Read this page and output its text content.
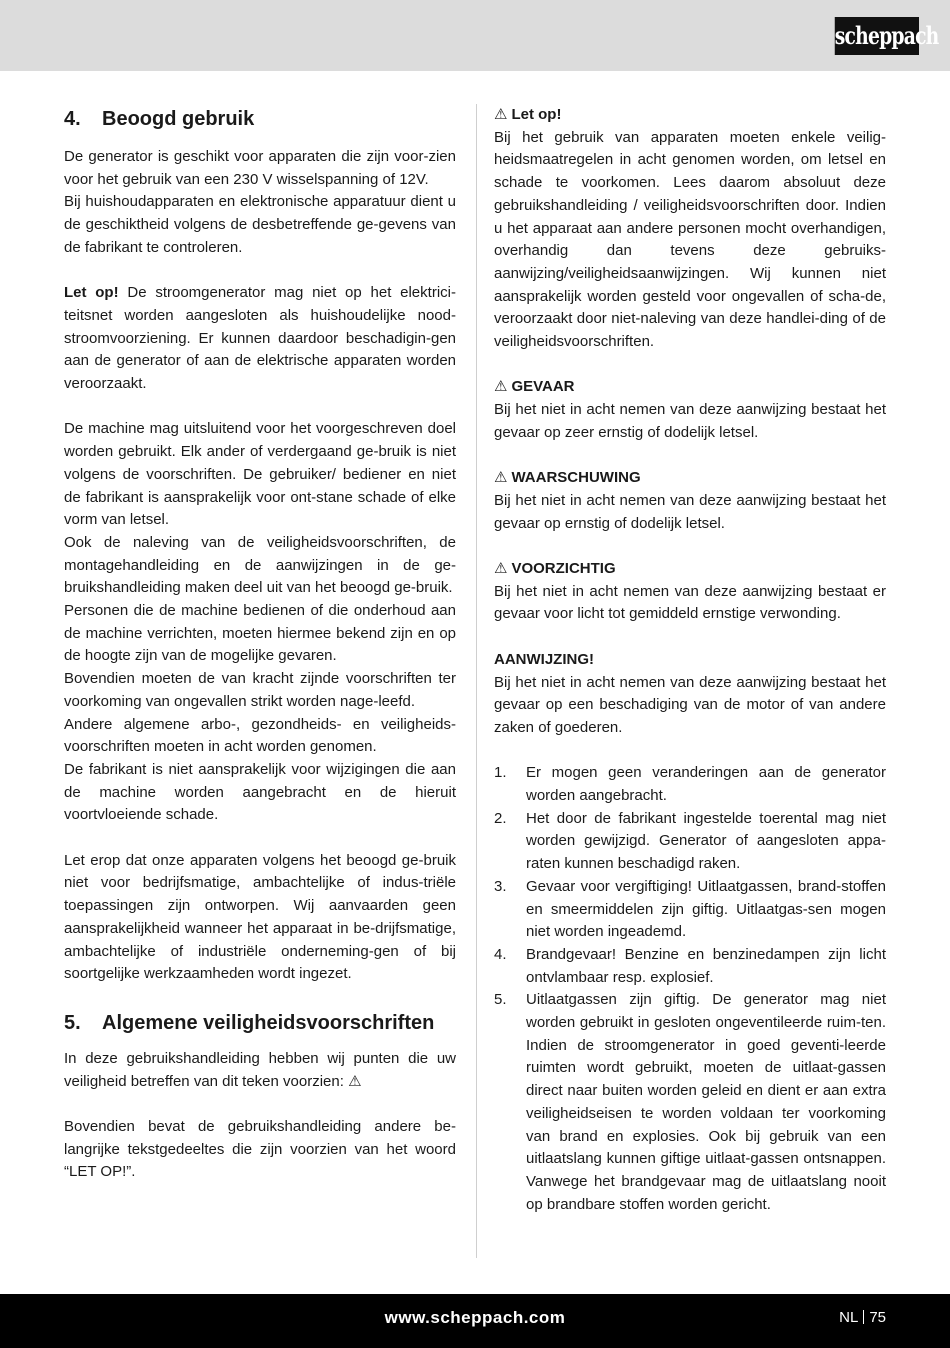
scheppach
4.	Beoogd gebruik

De generator is geschikt voor apparaten die zijn voor-zien voor het gebruik van een 230 V wisselspanning of 12V.

Bij huishoudapparaten en elektronische apparatuur dient u de geschiktheid volgens de desbetreffende ge-gevens van de fabrikant te controleren.

Let op! De stroomgenerator mag niet op het elektrici-teitsnet worden aangesloten als huishoudelijke nood-stroomvoorziening. Er kunnen daardoor beschadigin-gen aan de generator of aan de elektrische apparaten worden veroorzaakt.

De machine mag uitsluitend voor het voorgeschreven doel worden gebruikt. Elk ander of verdergaand ge-bruik is niet volgens de voorschriften. De gebruiker/ bediener en niet de fabrikant is aansprakelijk voor ont-stane schade of elke vorm van letsel.

Ook de naleving van de veiligheidsvoorschriften, de montagehandleiding en de aanwijzingen in de ge-bruikshandleiding maken deel uit van het beoogd ge-bruik.

Personen die de machine bedienen of die onderhoud aan de machine verrichten, moeten hiermee bekend zijn en op de hoogte zijn van de mogelijke gevaren.

Bovendien moeten de van kracht zijnde voorschriften ter voorkoming van ongevallen strikt worden nage-leefd.

Andere algemene arbo-, gezondheids- en veiligheids-voorschriften moeten in acht worden genomen.

De fabrikant is niet aansprakelijk voor wijzigingen die aan de machine worden aangebracht en de hieruit voortvloeiende schade.

Let erop dat onze apparaten volgens het beoogd ge-bruik niet voor bedrijfsmatige, ambachtelijke of indus-triële toepassingen zijn ontworpen. Wij aanvaarden geen aansprakelijkheid wanneer het apparaat in be-drijfsmatige, ambachtelijke of industriële onderneming-gen of bij soortgelijke werkzaamheden wordt ingezet.

5.	Algemene veiligheidsvoorschriften

In deze gebruikshandleiding hebben wij punten die uw veiligheid betreffen van dit teken voorzien: ⚠

Bovendien bevat de gebruikshandleiding andere be-langrijke tekstgedeeltes die zijn voorzien van het woord “LET OP!”.

⚠ Let op!

Bij het gebruik van apparaten moeten enkele veilig-heidsmaatregelen in acht genomen worden, om letsel en schade te voorkomen. Lees daarom absoluut deze gebruikshandleiding / veiligheidsvoorschriften door. Indien u het apparaat aan andere personen mocht overhandigen, overhandig dan tevens deze gebruiks-aanwijzing/veiligheidsaanwijzingen. Wij kunnen niet aansprakelijk worden gesteld voor ongevallen of scha-de, veroorzaakt door niet-naleving van deze handlei-ding of de veiligheidsvoorschriften.

⚠ GEVAAR

Bij het niet in acht nemen van deze aanwijzing bestaat het gevaar op zeer ernstig of dodelijk letsel.

⚠ WAARSCHUWING

Bij het niet in acht nemen van deze aanwijzing bestaat het gevaar op ernstig of dodelijk letsel.

⚠ VOORZICHTIG

Bij het niet in acht nemen van deze aanwijzing bestaat er gevaar voor licht tot gemiddeld ernstige verwonding.

AANWIJZING!

Bij het niet in acht nemen van deze aanwijzing bestaat het gevaar op een beschadiging van de motor of van andere zaken of goederen.

1.	Er mogen geen veranderingen aan de generator worden aangebracht.
2.	Het door de fabrikant ingestelde toerental mag niet worden gewijzigd. Generator of aangesloten appa-raten kunnen beschadigd raken.
3.	Gevaar voor vergiftiging! Uitlaatgassen, brand-stoffen en smeermiddelen zijn giftig. Uitlaatgas-sen mogen niet worden ingeademd.
4.	Brandgevaar! Benzine en benzinedampen zijn licht ontvlambaar resp. explosief.
5.	Uitlaatgassen zijn giftig. De generator mag niet worden gebruikt in gesloten ongeventileerde ruim-ten. Indien de stroomgenerator in goed geventi-leerde ruimten wordt gebruikt, moeten de uitlaat-gassen direct naar buiten worden geleid en dient er aan extra veiligheidseisen te worden voldaan ter voorkoming van brand en explosies. Ook bij gebruik van een uitlaatslang kunnen giftige uitlaat-gassen ontsnappen. Vanwege het brandgevaar mag de uitlaatslang nooit op brandbare stoffen worden gericht.
www.scheppach.com	NL 75
